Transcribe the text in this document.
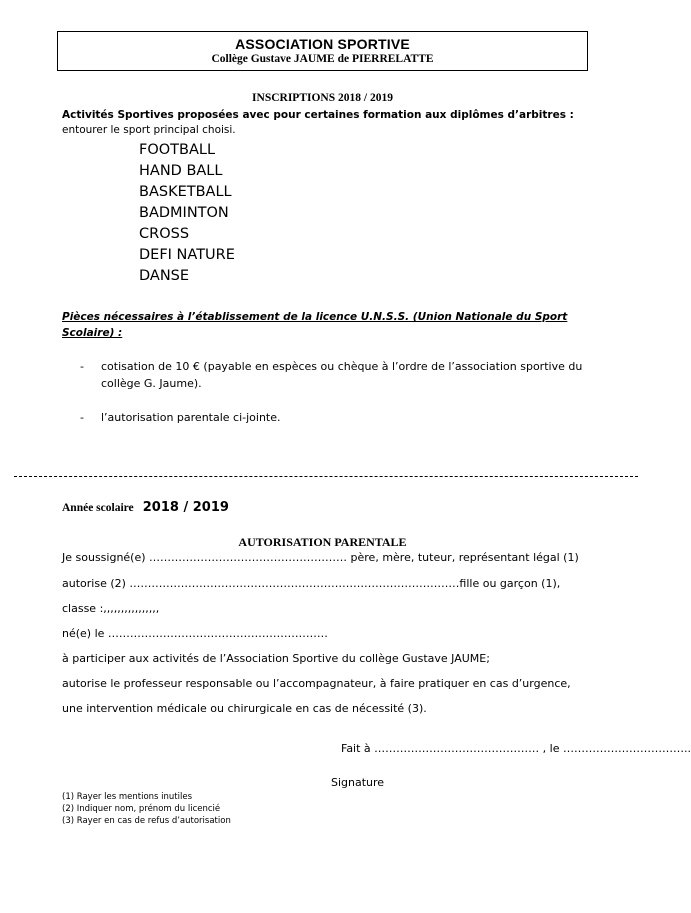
ASSOCIATION SPORTIVE
Collège Gustave JAUME de PIERRELATTE
INSCRIPTIONS 2018 / 2019
Activités Sportives proposées avec pour certaines formation aux diplômes d’arbitres :
entourer le sport principal choisi.
FOOTBALL
HAND BALL
BASKETBALL
BADMINTON
CROSS
DEFI NATURE
DANSE
Pièces nécessaires à l’établissement de la licence U.N.S.S. (Union Nationale du Sport
Scolaire) :
- cotisation de 10 € (payable en espèces ou chèque à l’ordre de l’association sportive du
collège G. Jaume).
- l’autorisation parentale ci-jointe.
Année scolaire 2018 / 2019
AUTORISATION PARENTALE
Je soussigné(e) ……………………………………………… père, mère, tuteur, représentant légal (1)
autorise (2) ………………………………………………………………………………fille ou garçon (1),
classe :,,,,,,,,,,,,,,,,
né(e) le ……………………………………………………
à participer aux activités de l’Association Sportive du collège Gustave JAUME;
autorise le professeur responsable ou l’accompagnateur, à faire pratiquer en cas d’urgence,
une intervention médicale ou chirurgicale en cas de nécessité (3).
Fait à ……………………………………… , le ……………………………..
Signature
(1) Rayer les mentions inutiles
(2) Indiquer nom, prénom du licencié
(3) Rayer en cas de refus d’autorisation
